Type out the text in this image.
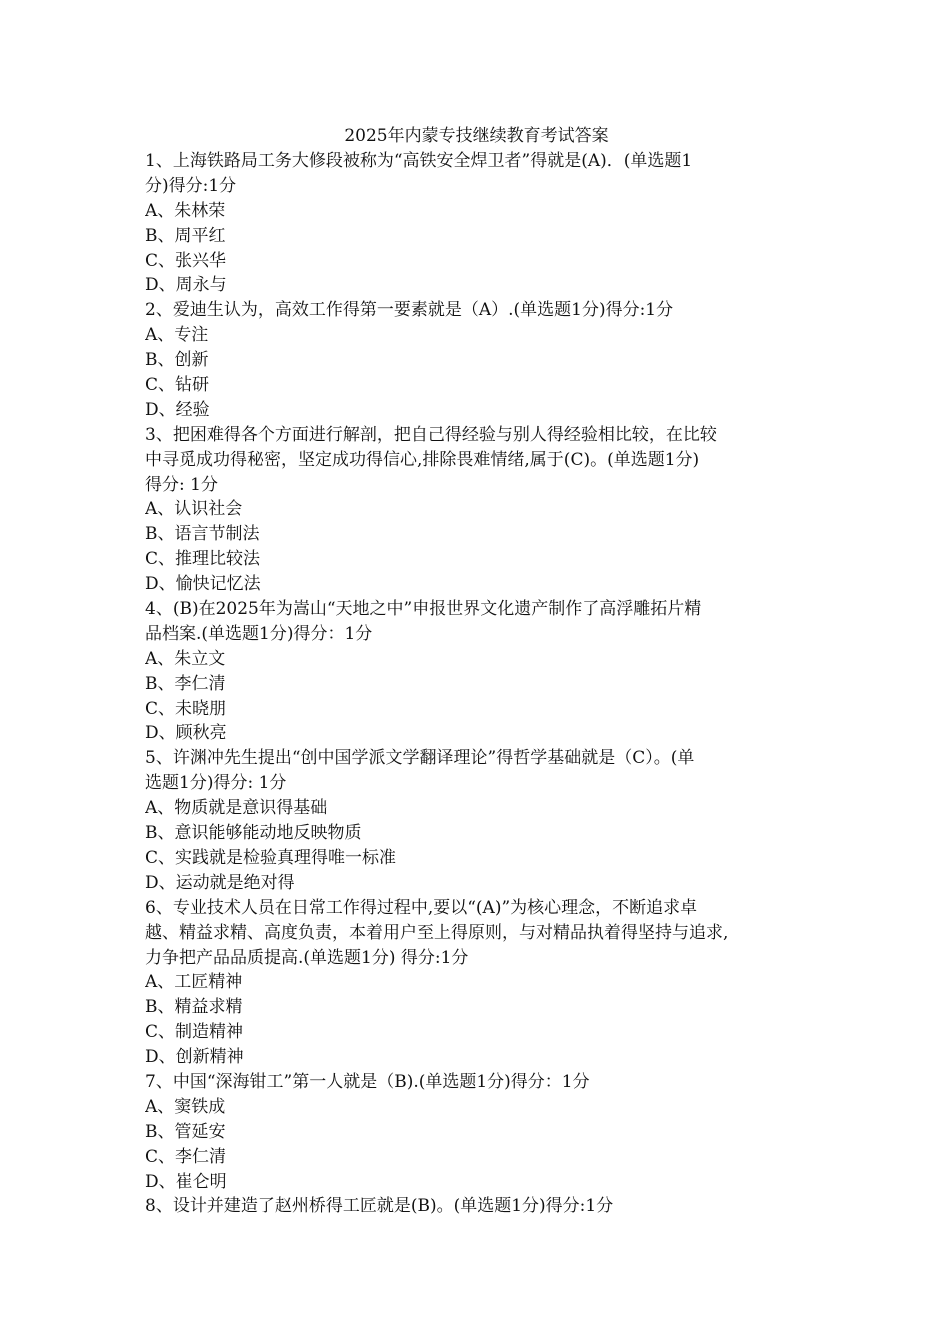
2025年内蒙专技继续教育考试答案
1、上海铁路局工务大修段被称为“高铁安全焊卫者”得就是(A)．(单选题1
分)得分:1分
A、朱林荣
B、周平红
C、张兴华
D、周永与
2、爱迪生认为，高效工作得第一要素就是（A）.(单选题1分)得分:1分
A、专注
B、创新
C、钻研
D、经验
3、把困难得各个方面进行解剖，把自己得经验与别人得经验相比较，在比较
中寻觅成功得秘密，坚定成功得信心,排除畏难情绪,属于(C)。(单选题1分)
得分: 1分
A、认识社会
B、语言节制法
C、推理比较法
D、愉快记忆法
4、(B)在2025年为嵩山“天地之中”申报世界文化遗产制作了高浮雕拓片精
品档案.(单选题1分)得分：1分
A、朱立文
B、李仁清
C、未晓朋
D、顾秋亮
5、许渊冲先生提出“创中国学派文学翻译理论”得哲学基础就是（C）。(单
选题1分)得分: 1分
A、物质就是意识得基础
B、意识能够能动地反映物质
C、实践就是检验真理得唯一标准
D、运动就是绝对得
6、专业技术人员在日常工作得过程中,要以“(A)”为核心理念，不断追求卓
越、精益求精、高度负责，本着用户至上得原则，与对精品执着得坚持与追求,
力争把产品品质提高.(单选题1分) 得分:1分
A、工匠精神
B、精益求精
C、制造精神
D、创新精神
7、中国“深海钳工”第一人就是（B).(单选题1分)得分：1分
A、窦铁成
B、管延安
C、李仁清
D、崔仑明
8、设计并建造了赵州桥得工匠就是(B)。(单选题1分)得分:1分
